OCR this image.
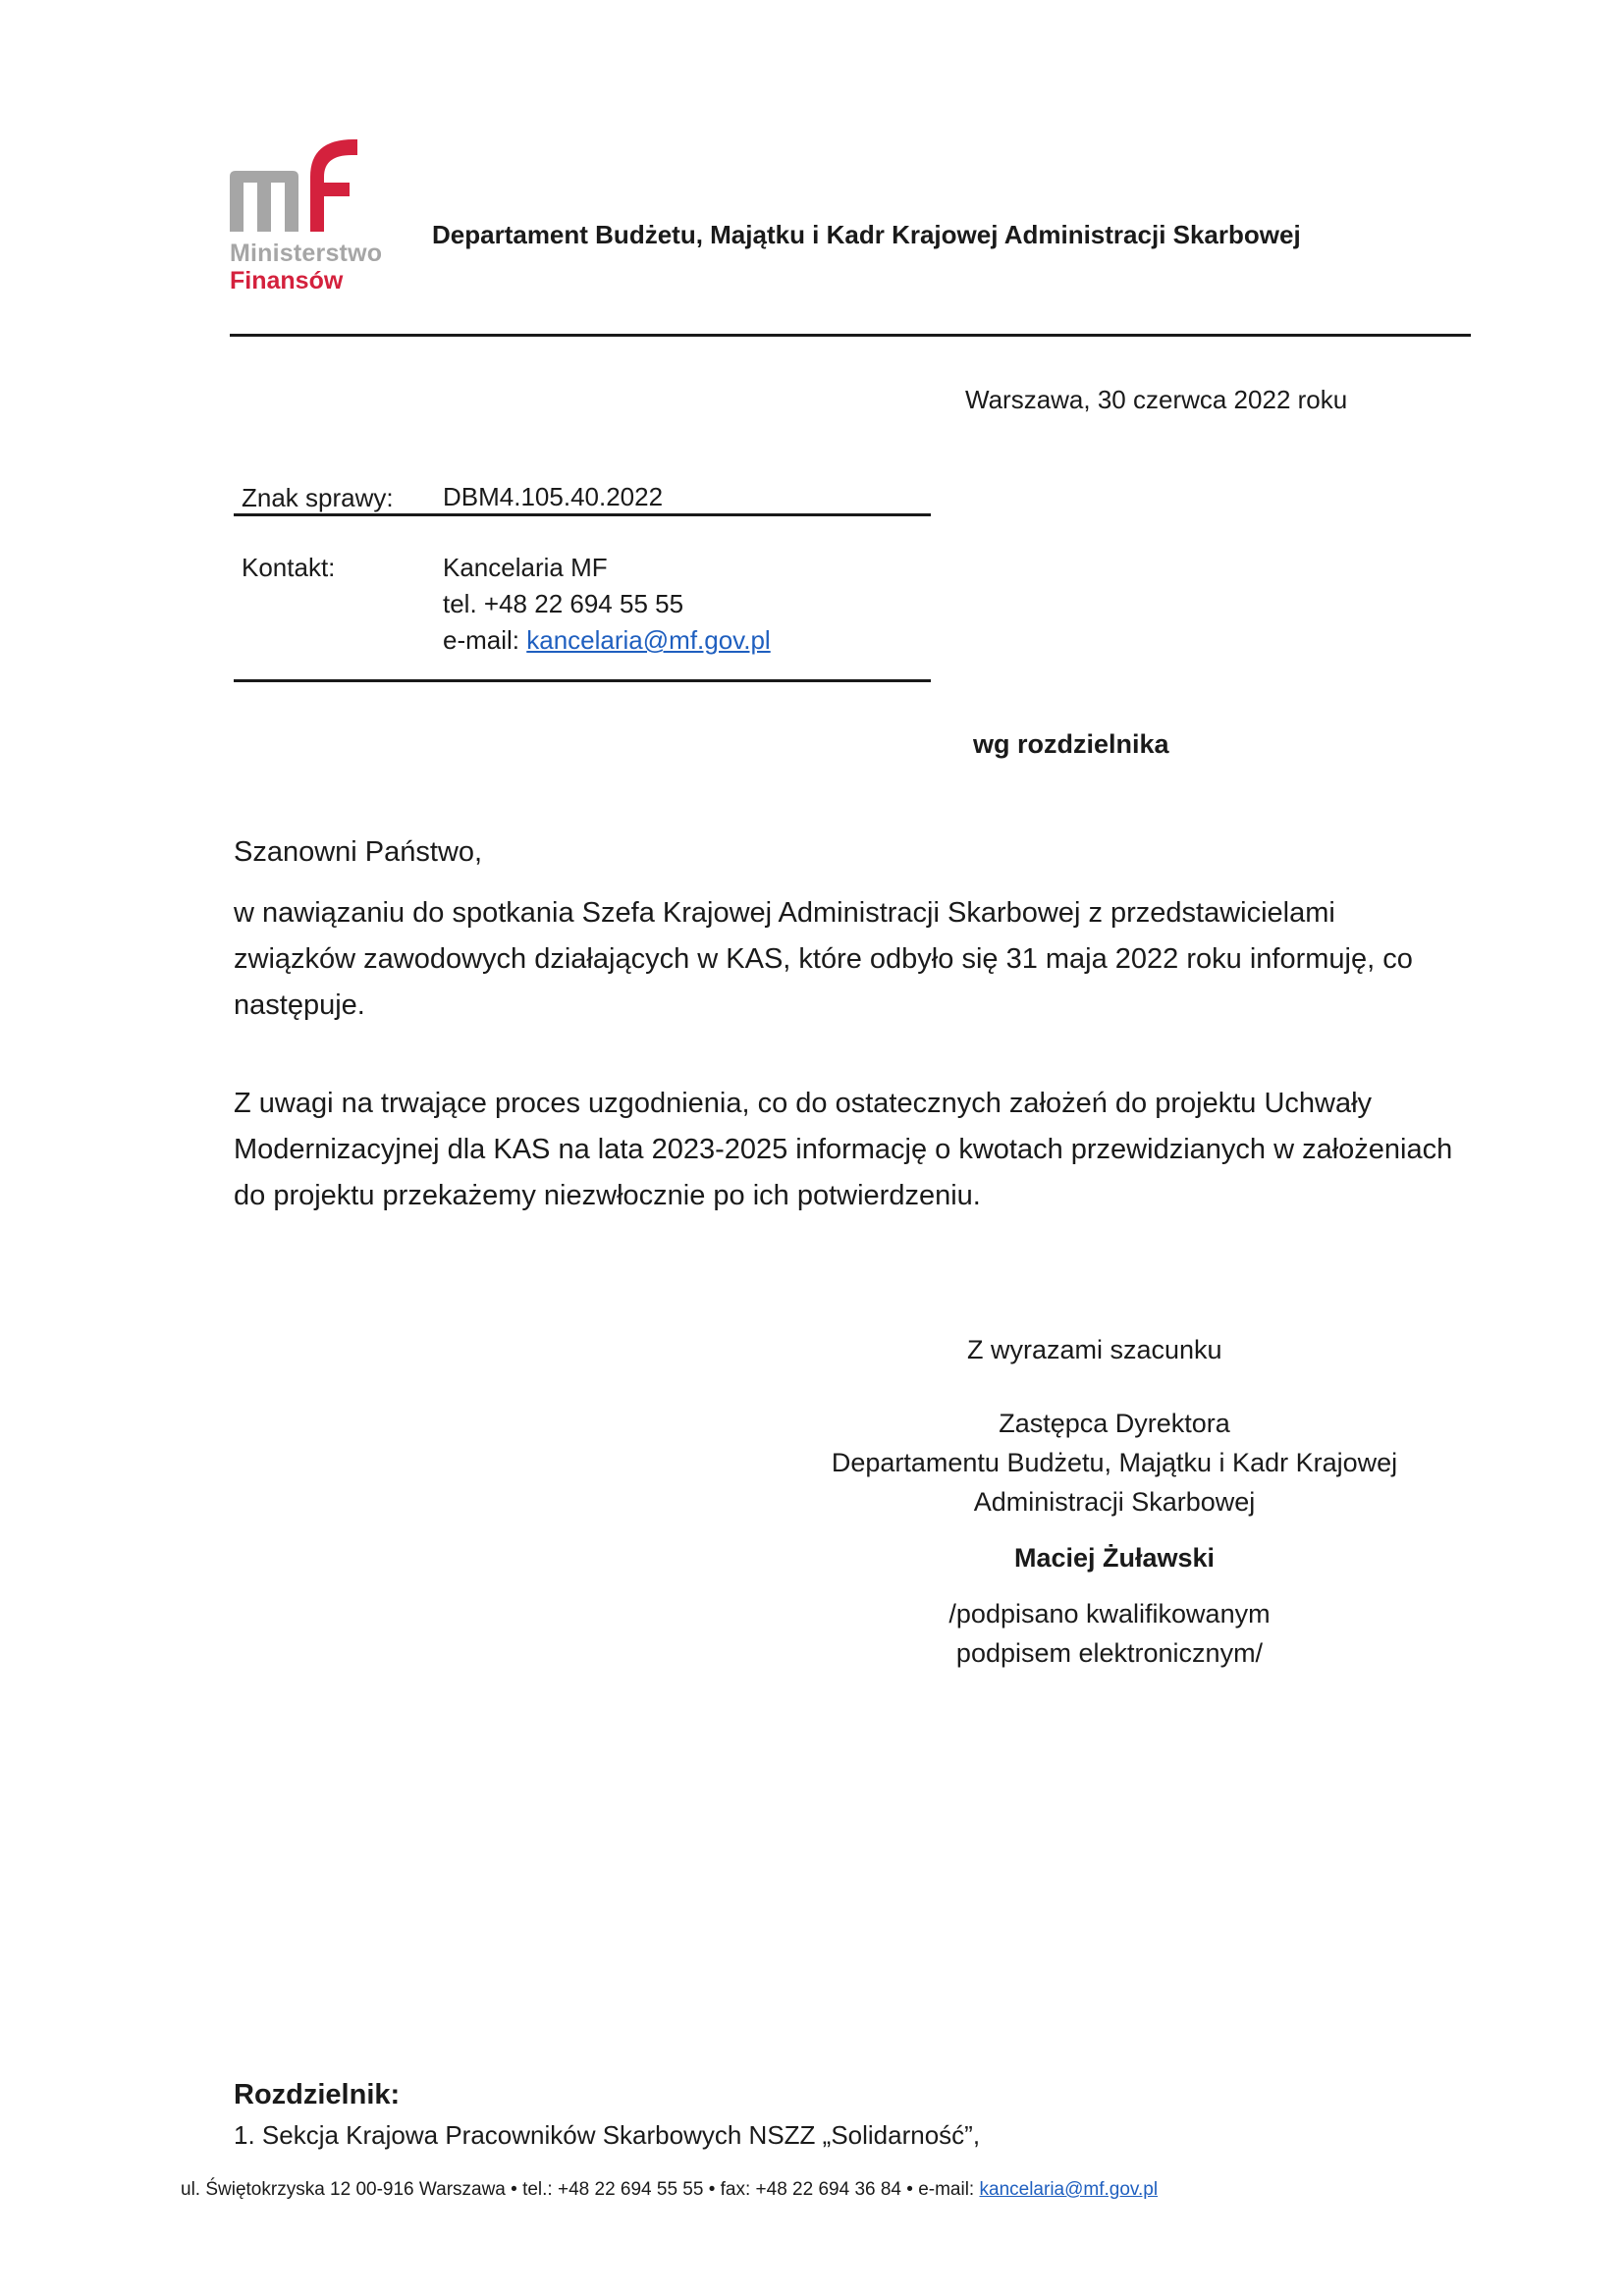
Ministerstwo
Finansów
Departament Budżetu, Majątku i Kadr Krajowej Administracji Skarbowej
Warszawa, 30 czerwca 2022 roku
Znak sprawy: DBM4.105.40.2022
Kontakt:	Kancelaria MF
tel. +48 22 694 55 55
e-mail: kancelaria@mf.gov.pl
wg rozdzielnika
Szanowni Państwo,
w nawiązaniu do spotkania Szefa Krajowej Administracji Skarbowej z przedstawicielami związków zawodowych działających w KAS, które odbyło się 31 maja 2022 roku informuję, co następuje.
Z uwagi na trwające proces uzgodnienia, co do ostatecznych założeń do projektu Uchwały Modernizacyjnej dla KAS na lata 2023-2025 informację o kwotach przewidzianych w założeniach do projektu przekażemy niezwłocznie po ich potwierdzeniu.
Z wyrazami szacunku
Zastępca Dyrektora
Departamentu Budżetu, Majątku i Kadr Krajowej
Administracji Skarbowej
Maciej Żuławski
/podpisano kwalifikowanym
podpisem elektronicznym/
Rozdzielnik:
1. Sekcja Krajowa Pracowników Skarbowych NSZZ „Solidarność”,
ul. Świętokrzyska 12 00-916 Warszawa • tel.: +48 22 694 55 55 • fax: +48 22 694 36 84 • e-mail: kancelaria@mf.gov.pl
